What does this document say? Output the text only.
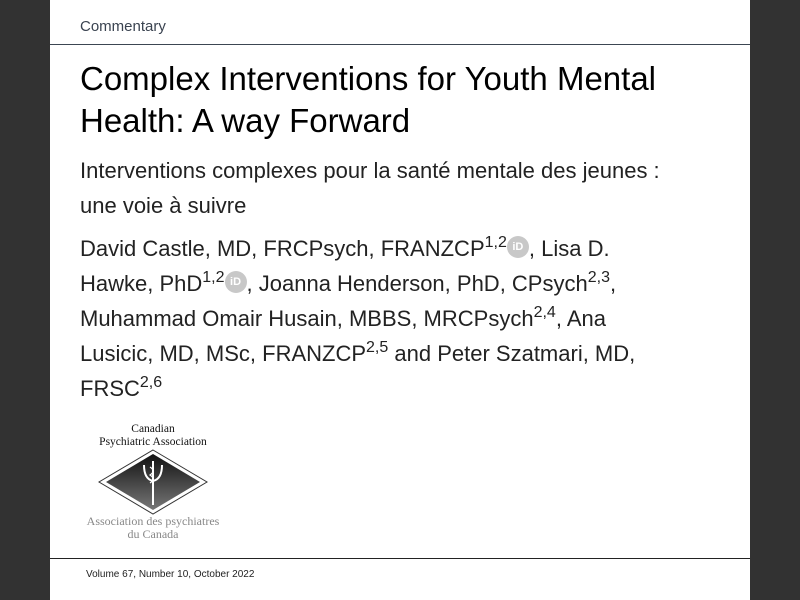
Commentary
Complex Interventions for Youth Mental
Health: A way Forward
Interventions complexes pour la santé mentale des jeunes :
une voie à suivre
David Castle, MD, FRCPsych, FRANZCP$^{1,2}$ iD , Lisa D.
Hawke, PhD$^{1,2}$ iD , Joanna Henderson, PhD, CPsych$^{2,3}$,
Muhammad Omair Husain, MBBS, MRCPsych$^{2,4}$, Ana
Lusicic, MD, MSc, FRANZCP$^{2,5}$ and Peter Szatmari, MD,
FRSC$^{2,6}$
Canadian
Psychiatric Association
Association des psychiatres
du Canada
Volume 67, Number 10, October 2022
